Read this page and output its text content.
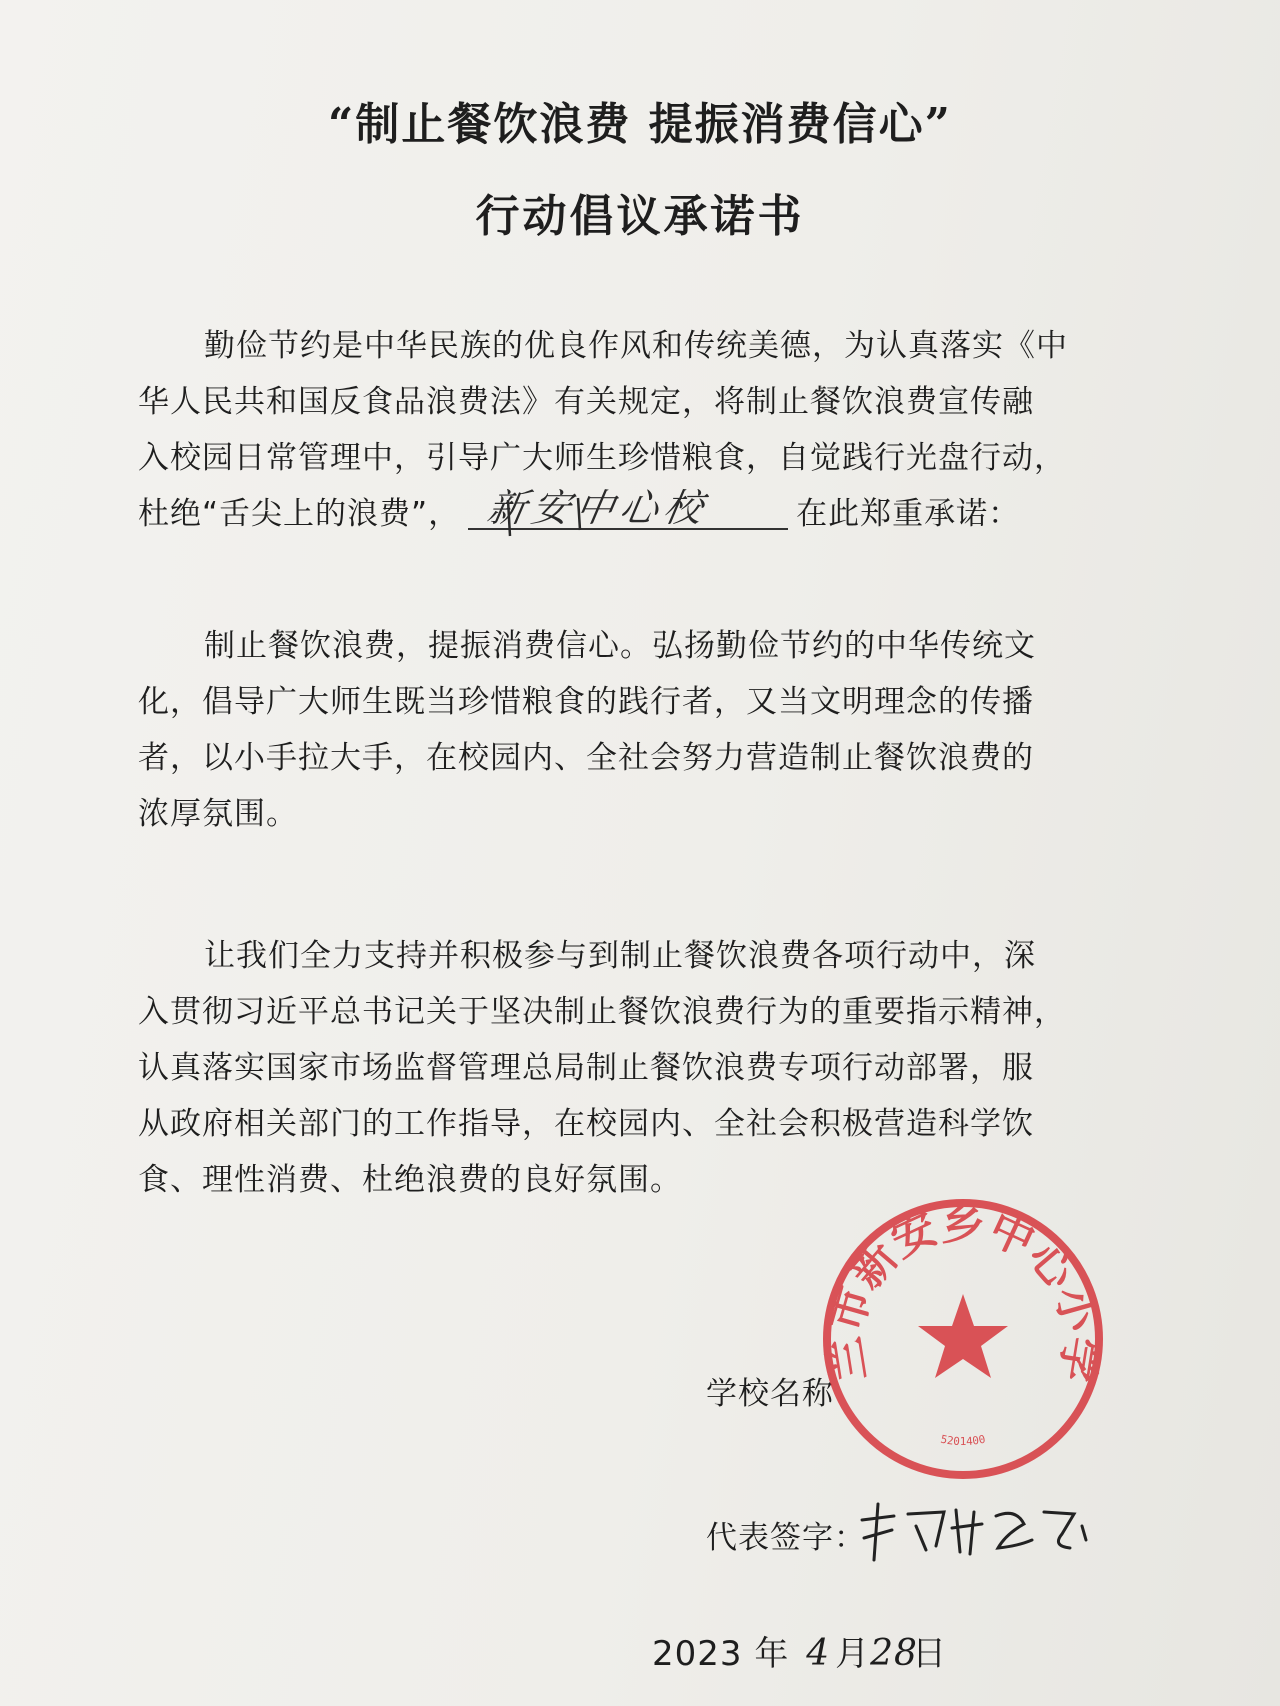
“制止餐饮浪费 提振消费信心”
行动倡议承诺书
勤俭节约是中华民族的优良作风和传统美德，为认真落实《中
华人民共和国反食品浪费法》有关规定，将制止餐饮浪费宣传融
入校园日常管理中，引导广大师生珍惜粮食，自觉践行光盘行动，
杜绝“舌尖上的浪费”， 新安中心校	在此郑重承诺：
制止餐饮浪费，提振消费信心。弘扬勤俭节约的中华传统文
化，倡导广大师生既当珍惜粮食的践行者，又当文明理念的传播
者，以小手拉大手，在校园内、全社会努力营造制止餐饮浪费的
浓厚氛围。
让我们全力支持并积极参与到制止餐饮浪费各项行动中，深
入贯彻习近平总书记关于坚决制止餐饮浪费行为的重要指示精神，
认真落实国家市场监督管理总局制止餐饮浪费专项行动部署，服
从政府相关部门的工作指导，在校园内、全社会积极营造科学饮
食、理性消费、杜绝浪费的良好氛围。
学校名称
代表签字：
2023 年 4 月28日
兰市新安乡中心小学
5201400
